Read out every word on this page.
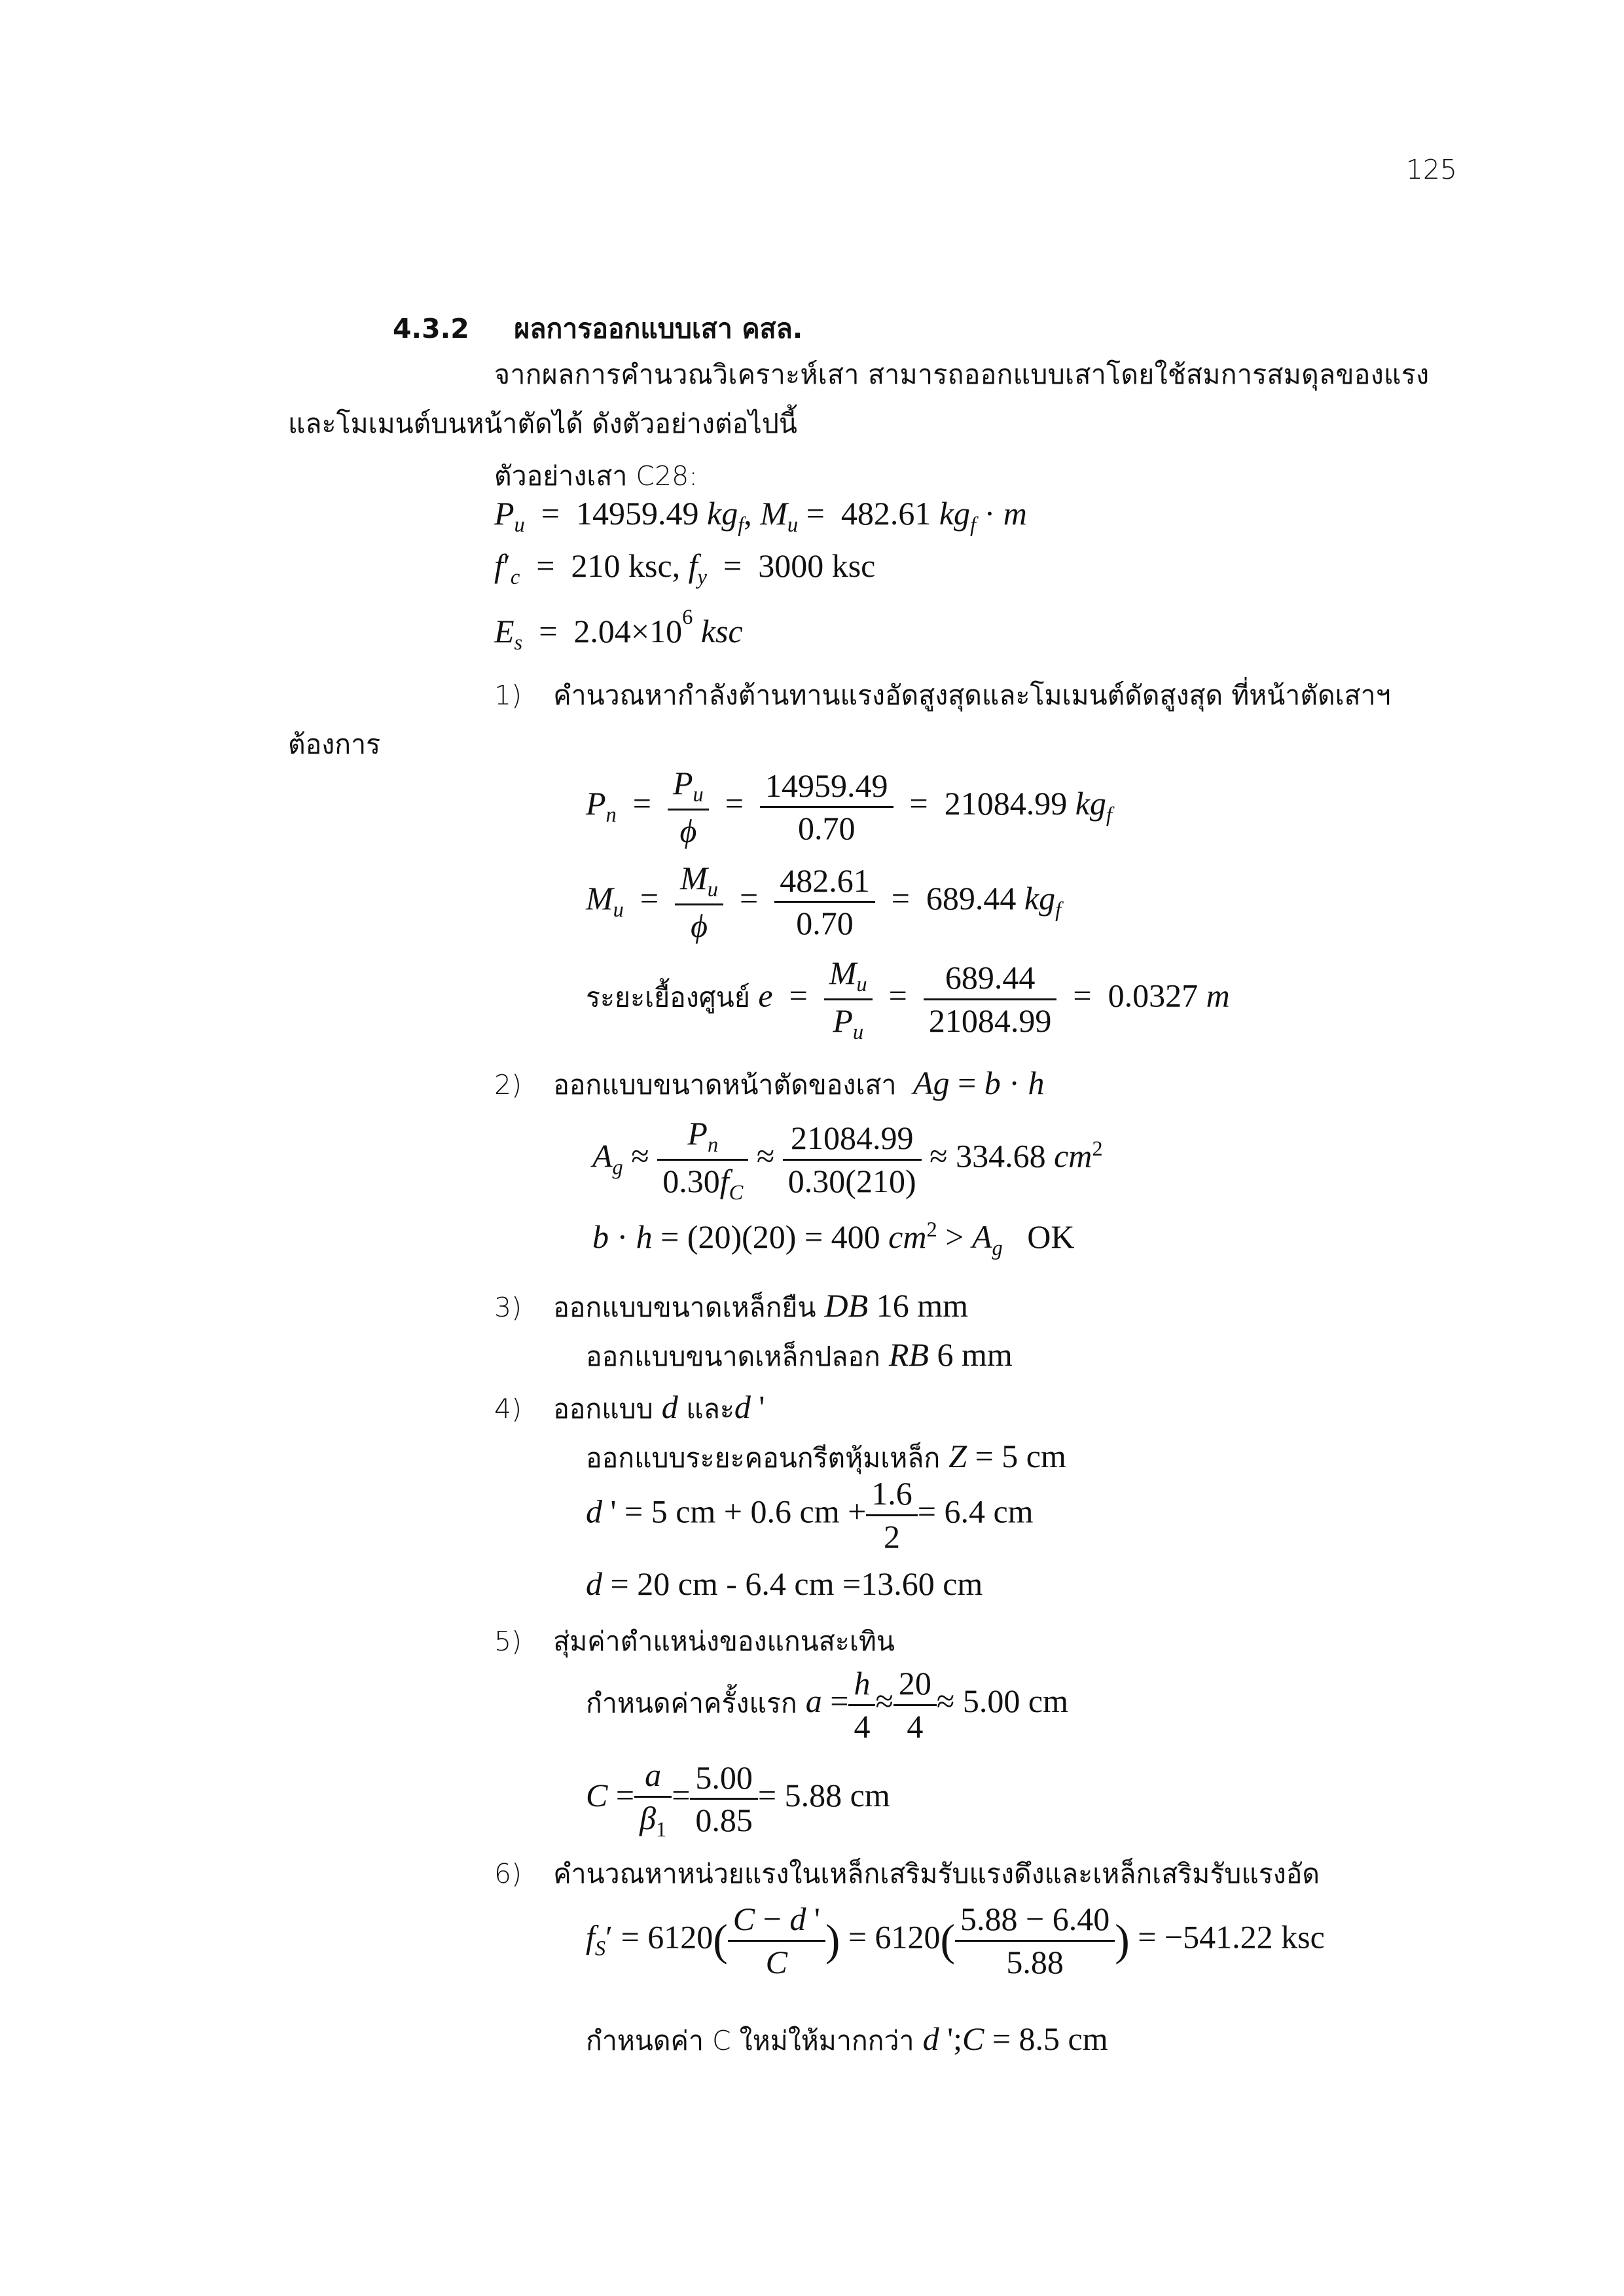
125
4.3.2 ผลการออกแบบเสา คสล.
จากผลการคำนวณวิเคราะห์เสา สามารถออกแบบเสาโดยใช้สมการสมดุลของแรง
และโมเมนต์บนหน้าตัดได้ ดังตัวอย่างต่อไปนี้
ตัวอย่างเสา C28:
$P_u = 14959.49$ $kg_f$, $M_u = 482.61$ $kg_f \cdot m$
$f'_c = 210$ ksc, $f_y = 3000$ ksc
$E_s = 2.04\times 10^6$ ksc
1) คำนวณหากำลังต้านทานแรงอัดสูงสุดและโมเมนต์ดัดสูงสุด ที่หน้าตัดเสาฯ
ต้องการ
$P_n = \frac{P_u}{\phi} = \frac{14959.49}{0.70} = 21084.99$ $kg_f$
$M_u = \frac{M_u}{\phi} = \frac{482.61}{0.70} = 689.44$ $kg_f$
ระยะเยื้องศูนย์ $e = \frac{M_u}{P_u} = \frac{689.44}{21084.99} = 0.0327$ m
2) ออกแบบขนาดหน้าตัดของเสา Ag = b · h
$A_g \approx \frac{P_n}{0.30f_C} \approx \frac{21084.99}{0.30(210)} \approx 334.68$ $cm^2$
b · h = (20)(20) = 400 $cm^2 > A_g$ OK
3) ออกแบบขนาดเหล็กยืน DB 16 mm
ออกแบบขนาดเหล็กปลอก RB 6 mm
4) ออกแบบ d และd '
ออกแบบระยะคอนกรีตหุ้มเหล็ก Z = 5 cm
d ' = 5 cm + 0.6 cm + $\frac{1.6}{2} = 6.4$ cm
d = 20 cm - 6.4 cm =13.60 cm
5) สุ่มค่าตำแหน่งของแกนสะเทิน
กำหนดค่าครั้งแรก $a = \frac{h}{4} \approx \frac{20}{4} \approx 5.00$ cm
$C = \frac{a}{\beta_1} = \frac{5.00}{0.85} = 5.88$ cm
6) คำนวณหาหน่วยแรงในเหล็กเสริมรับแรงดึงและเหล็กเสริมรับแรงอัด
$f_S' = 6120( \frac{C - d '}{C}$ ) = $6120( \frac{5.88 - 6.40}{5.88}$ ) = −541.22 ksc
กำหนดค่า C ใหม่ให้มากกว่า d ';C = 8.5 cm
